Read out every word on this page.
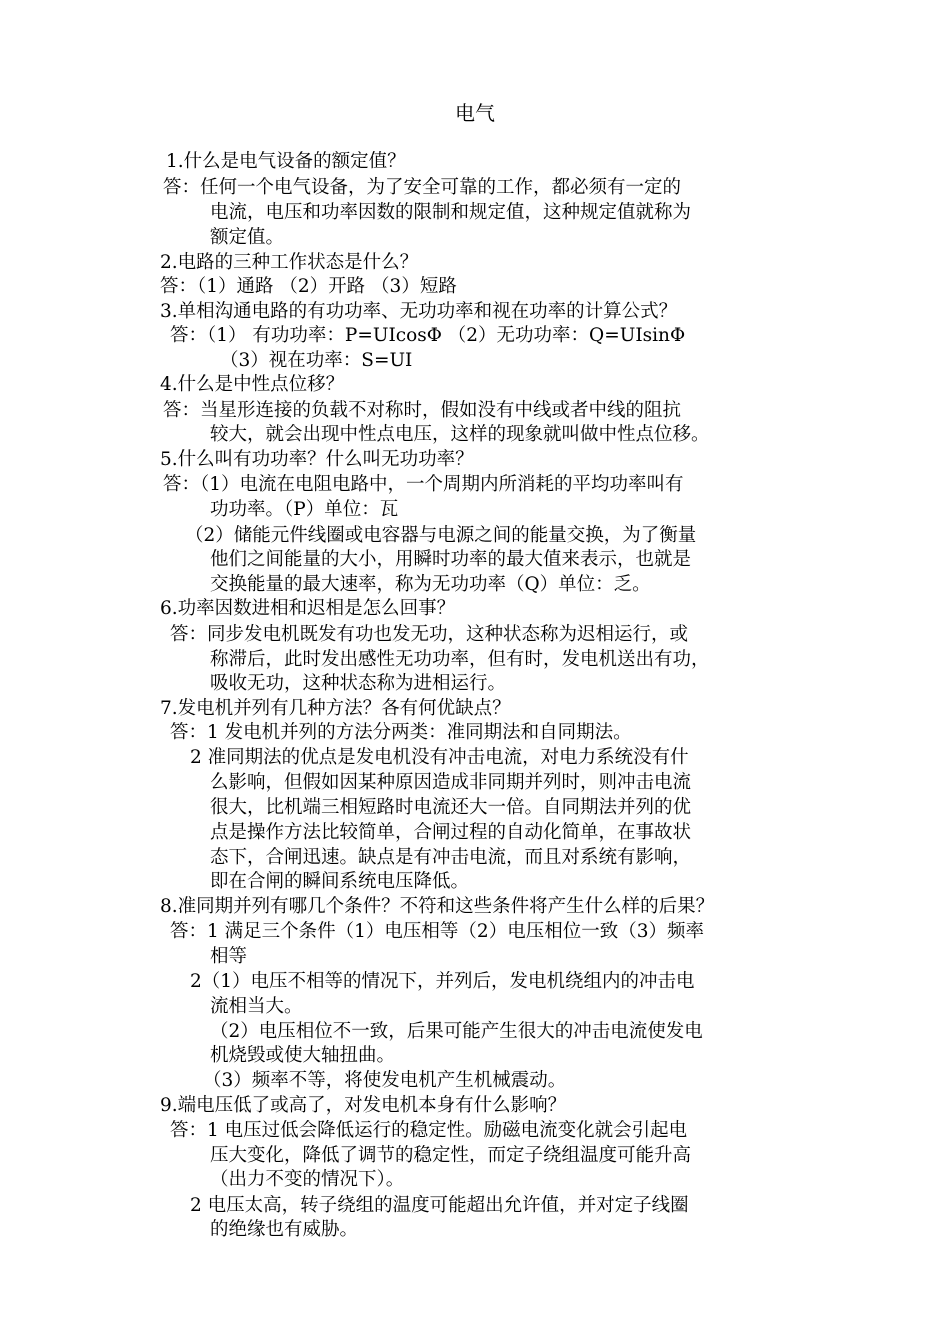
电气
1.什么是电气设备的额定值？
答：任何一个电气设备，为了安全可靠的工作，都必须有一定的
电流，电压和功率因数的限制和规定值，这种规定值就称为
额定值。
2.电路的三种工作状态是什么？
答：（1）通路 （2）开路 （3）短路
3.单相沟通电路的有功功率、无功功率和视在功率的计算公式？
答：（1） 有功功率：P=UIcosΦ （2）无功功率：Q=UIsinΦ
（3）视在功率：S=UI
4.什么是中性点位移？
答：当星形连接的负载不对称时，假如没有中线或者中线的阻抗
较大，就会出现中性点电压，这样的现象就叫做中性点位移。
5.什么叫有功功率？什么叫无功功率？
答：（1）电流在电阻电路中，一个周期内所消耗的平均功率叫有
功功率。（P）单位：瓦
（2）储能元件线圈或电容器与电源之间的能量交换，为了衡量
他们之间能量的大小，用瞬时功率的最大值来表示，也就是
交换能量的最大速率，称为无功功率（Q）单位：乏。
6.功率因数进相和迟相是怎么回事？
答：同步发电机既发有功也发无功，这种状态称为迟相运行，或
称滞后，此时发出感性无功功率，但有时，发电机送出有功，
吸收无功，这种状态称为进相运行。
7.发电机并列有几种方法？各有何优缺点？
答：1 发电机并列的方法分两类：准同期法和自同期法。
2 准同期法的优点是发电机没有冲击电流，对电力系统没有什
么影响，但假如因某种原因造成非同期并列时，则冲击电流
很大，比机端三相短路时电流还大一倍。自同期法并列的优
点是操作方法比较简单，合闸过程的自动化简单，在事故状
态下，合闸迅速。缺点是有冲击电流，而且对系统有影响，
即在合闸的瞬间系统电压降低。
8.准同期并列有哪几个条件？不符和这些条件将产生什么样的后果？
答：1 满足三个条件（1）电压相等（2）电压相位一致（3）频率
相等
2（1）电压不相等的情况下，并列后，发电机绕组内的冲击电
流相当大。
（2）电压相位不一致，后果可能产生很大的冲击电流使发电
机烧毁或使大轴扭曲。
（3）频率不等，将使发电机产生机械震动。
9.端电压低了或高了，对发电机本身有什么影响？
答：1 电压过低会降低运行的稳定性。励磁电流变化就会引起电
压大变化，降低了调节的稳定性，而定子绕组温度可能升高
（出力不变的情况下）。
2 电压太高，转子绕组的温度可能超出允许值，并对定子线圈
的绝缘也有威胁。
